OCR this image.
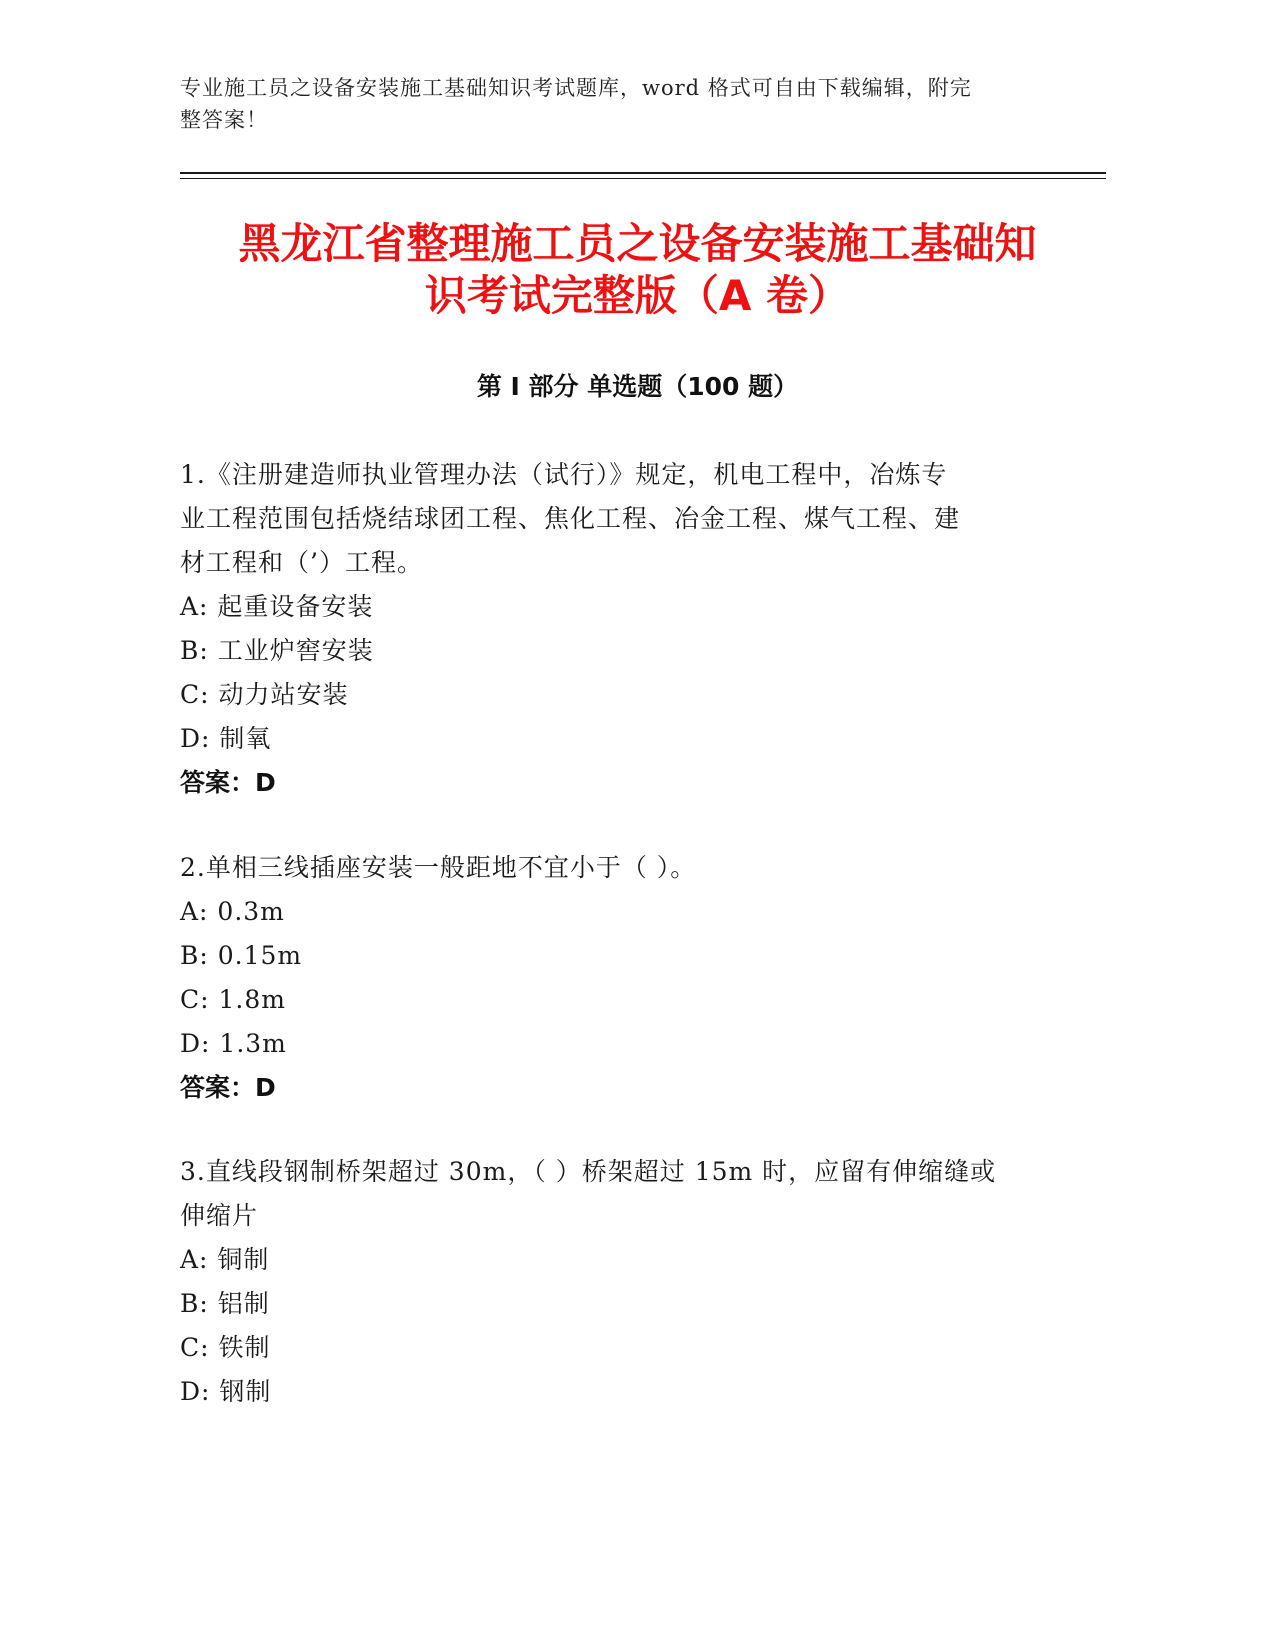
专业施工员之设备安装施工基础知识考试题库，word 格式可自由下载编辑，附完
整答案！
黑龙江省整理施工员之设备安装施工基础知
识考试完整版（A 卷）
第 I 部分 单选题（100 题）

1.《注册建造师执业管理办法（试行）》规定，机电工程中，冶炼专

业工程范围包括烧结球团工程、焦化工程、冶金工程、煤气工程、建

材工程和（’）工程。

A: 起重设备安装

B: 工业炉窖安装

C: 动力站安装

D: 制氧

答案：D

2.单相三线插座安装一般距地不宜小于（ ）。

A: 0.3m

B: 0.15m

C: 1.8m

D: 1.3m

答案：D

3.直线段钢制桥架超过 30m，（ ）桥架超过 15m 时，应留有伸缩缝或

伸缩片

A: 铜制

B: 铝制

C: 铁制

D: 钢制
